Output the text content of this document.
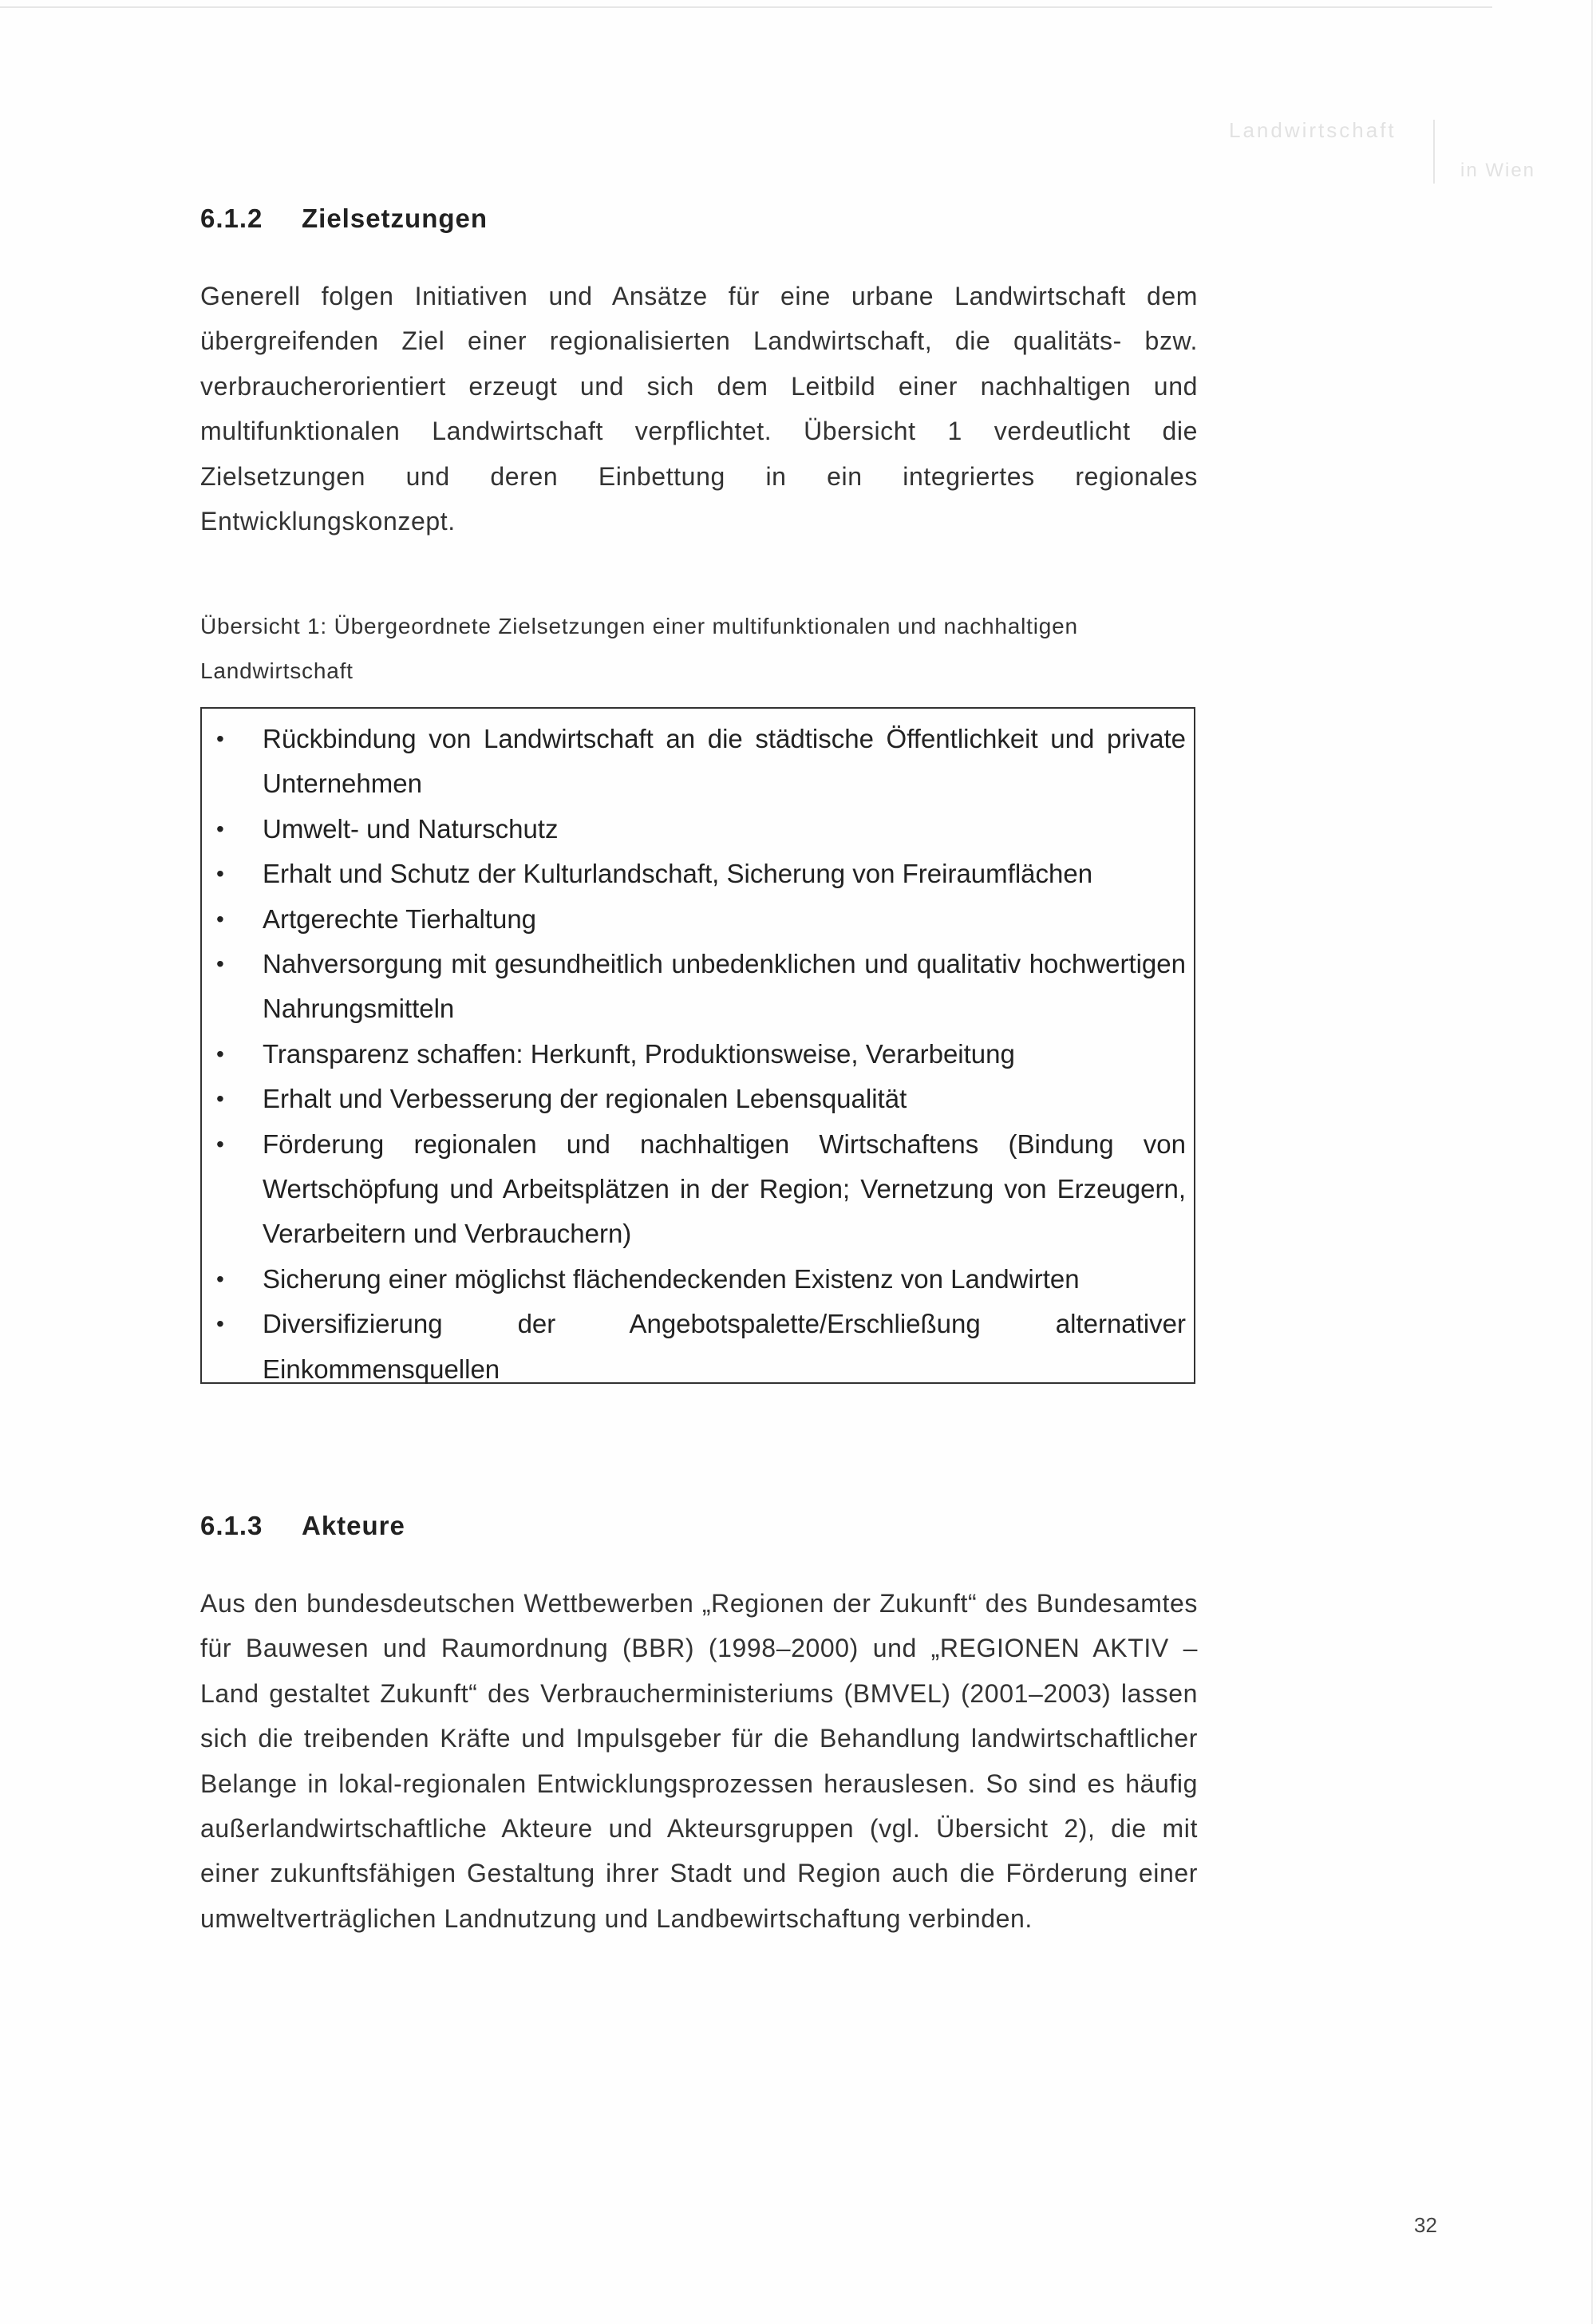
Landwirtschaft
in Wien
6.1.2 Zielsetzungen

Generell folgen Initiativen und Ansätze für eine urbane Landwirtschaft dem übergreifenden Ziel einer regionalisierten Landwirtschaft, die qualitäts- bzw. verbraucherorientiert erzeugt und sich dem Leitbild einer nachhaltigen und multifunktionalen Landwirtschaft verpflichtet. Übersicht 1 verdeutlicht die Zielsetzungen und deren Einbettung in ein integriertes regionales Entwicklungskonzept.

Übersicht 1: Übergeordnete Zielsetzungen einer multifunktionalen und nachhaltigen Landwirtschaft

• Rückbindung von Landwirtschaft an die städtische Öffentlichkeit und private Unternehmen
• Umwelt- und Naturschutz
• Erhalt und Schutz der Kulturlandschaft, Sicherung von Freiraumflächen
• Artgerechte Tierhaltung
• Nahversorgung mit gesundheitlich unbedenklichen und qualitativ hochwertigen Nahrungsmitteln
• Transparenz schaffen: Herkunft, Produktionsweise, Verarbeitung
• Erhalt und Verbesserung der regionalen Lebensqualität
• Förderung regionalen und nachhaltigen Wirtschaftens (Bindung von Wertschöpfung und Arbeitsplätzen in der Region; Vernetzung von Erzeugern, Verarbeitern und Verbrauchern)
• Sicherung einer möglichst flächendeckenden Existenz von Landwirten
• Diversifizierung der Angebotspalette/Erschließung alternativer Einkommensquellen
6.1.3 Akteure

Aus den bundesdeutschen Wettbewerben „Regionen der Zukunft“ des Bundesamtes für Bauwesen und Raumordnung (BBR) (1998–2000) und „REGIONEN AKTIV – Land gestaltet Zukunft“ des Verbraucherministeriums (BMVEL) (2001–2003) lassen sich die treibenden Kräfte und Impulsgeber für die Behandlung landwirtschaftlicher Belange in lokal-regionalen Entwicklungsprozessen herauslesen. So sind es häufig außerlandwirtschaftliche Akteure und Akteursgruppen (vgl. Übersicht 2), die mit einer zukunftsfähigen Gestaltung ihrer Stadt und Region auch die Förderung einer umweltverträglichen Landnutzung und Landbewirtschaftung verbinden.

32
